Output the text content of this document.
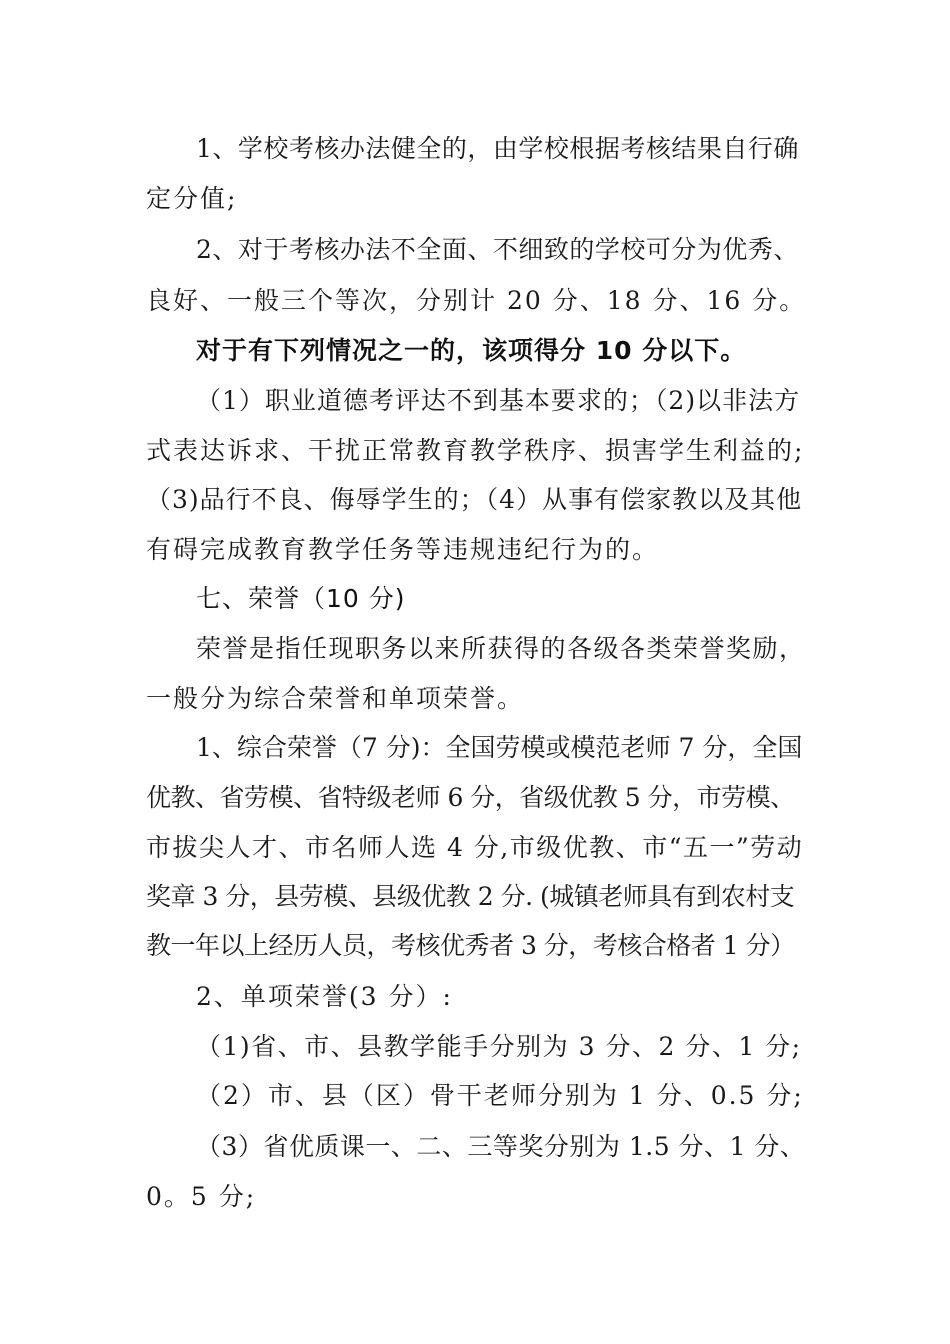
1、学校考核办法健全的，由学校根据考核结果自行确
定分值;
2、对于考核办法不全面、不细致的学校可分为优秀、
良好、一般三个等次，分别计 20 分、18 分、16 分。
对于有下列情况之一的，该项得分 10 分以下。
（1）职业道德考评达不到基本要求的；（2)以非法方
式表达诉求、干扰正常教育教学秩序、损害学生利益的;
（3)品行不良、侮辱学生的；（4）从事有偿家教以及其他
有碍完成教育教学任务等违规违纪行为的。
七、荣誉（10 分)
荣誉是指任现职务以来所获得的各级各类荣誉奖励，
一般分为综合荣誉和单项荣誉。
1、综合荣誉（7 分)：全国劳模或模范老师 7 分，全国
优教、省劳模、省特级老师 6 分，省级优教 5 分，市劳模、
市拔尖人才、市名师人选 4 分,市级优教、市“五一”劳动
奖章 3 分，县劳模、县级优教 2 分. (城镇老师具有到农村支
教一年以上经历人员，考核优秀者 3 分，考核合格者 1 分）
2、单项荣誉(3 分）:
（1)省、市、县教学能手分别为 3 分、2 分、1 分;
（2）市、县（区）骨干老师分别为 1 分、0.5 分;
（3）省优质课一、二、三等奖分别为 1.5 分、1 分、
0。5 分;
